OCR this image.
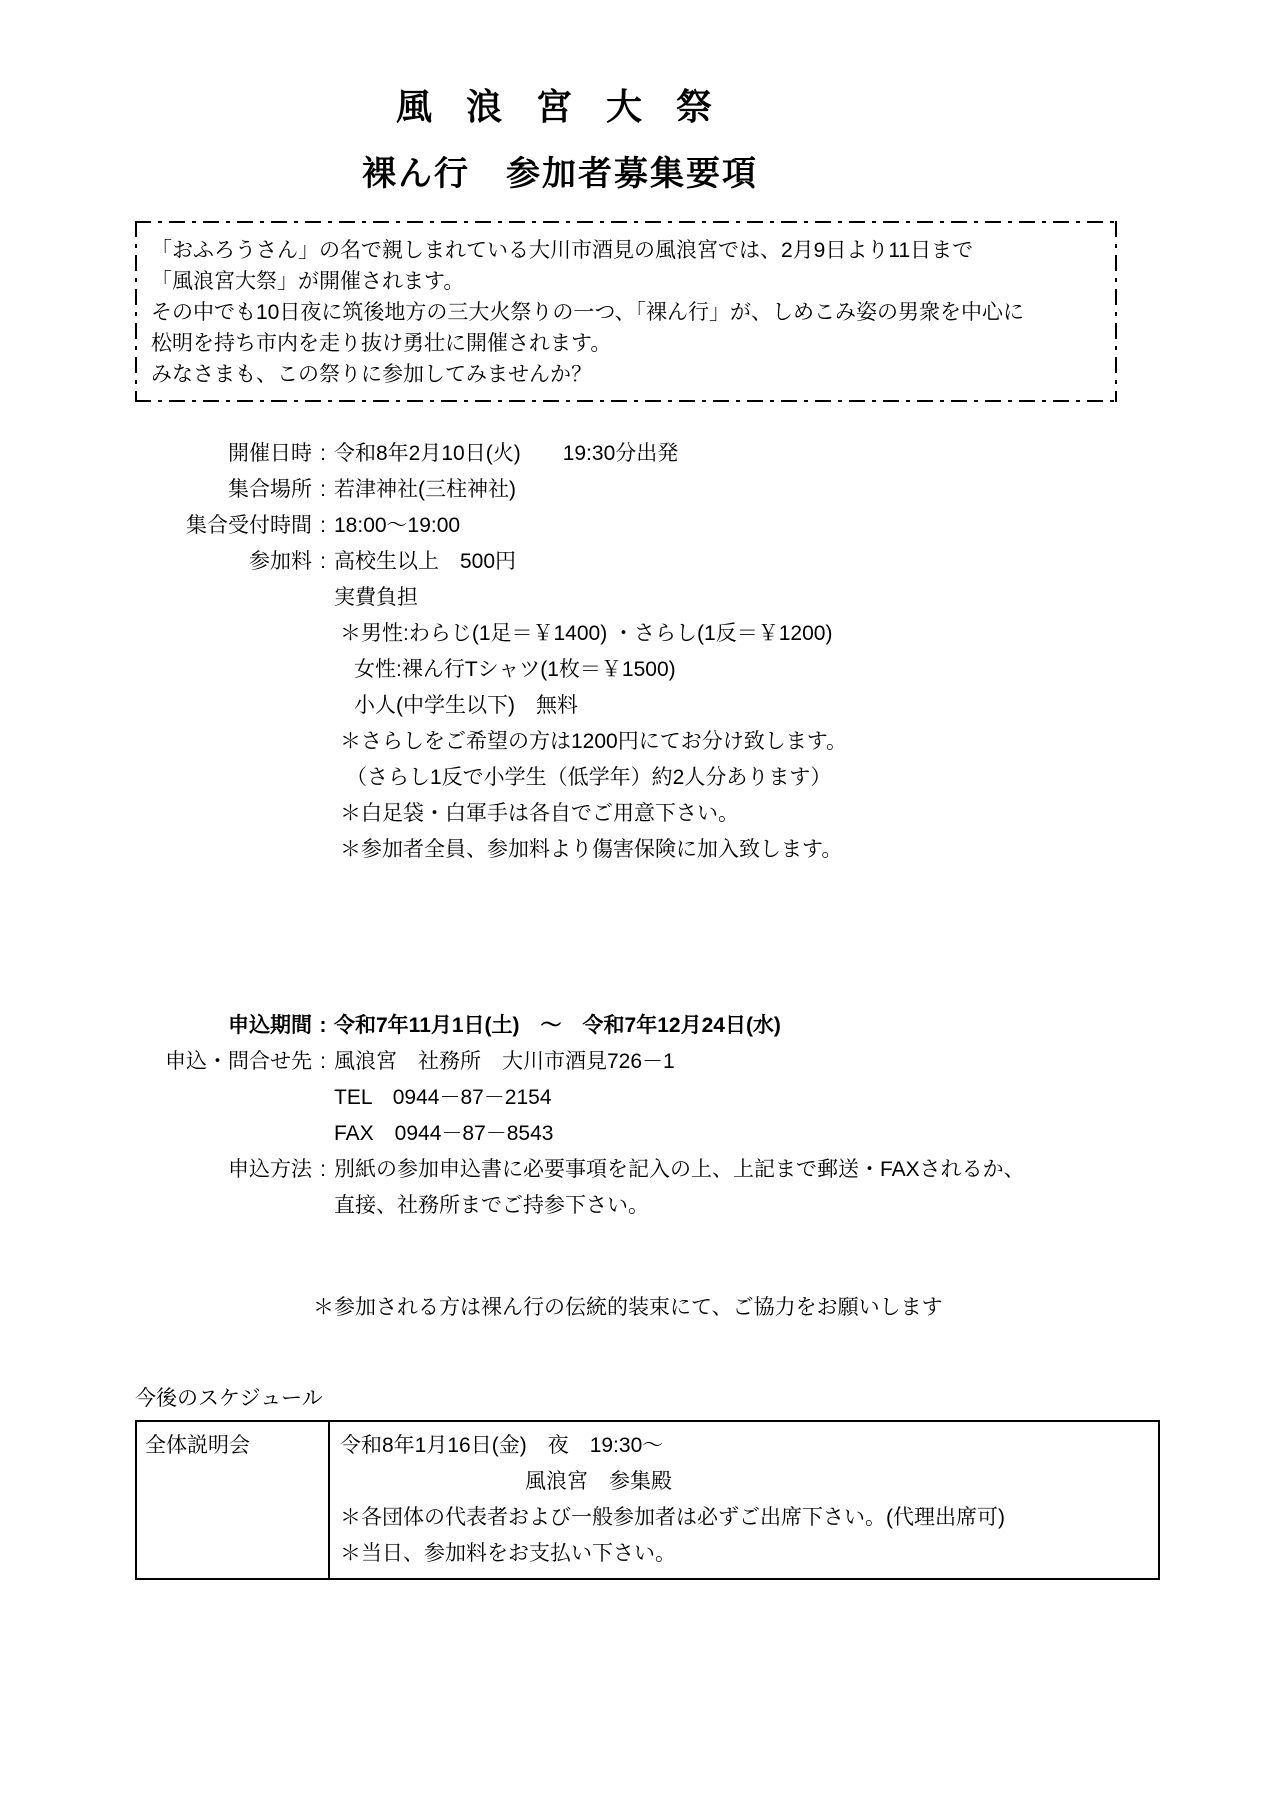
風 浪 宮 大 祭
裸ん行　参加者募集要項
「おふろうさん」の名で親しまれている大川市酒見の風浪宮では、2月9日より11日まで
「風浪宮大祭」が開催されます。
その中でも10日夜に筑後地方の三大火祭りの一つ、「裸ん行」が、しめこみ姿の男衆を中心に
松明を持ち市内を走り抜け勇壮に開催されます。
みなさまも、この祭りに参加してみませんか？
開催日時 : 令和8年2月10日(火)　　19:30分出発
集合場所 : 若津神社(三柱神社)
集合受付時間 : 18:00～19:00
参加料 : 高校生以上　500円
実費負担
＊男性:わらじ(1足＝￥1400) ・さらし(1反＝￥1200)
女性:裸ん行Tシャツ(1枚＝￥1500)
小人(中学生以下)　無料
＊さらしをご希望の方は1200円にてお分け致します。
（さらし1反で小学生（低学年）約2人分あります）
＊白足袋・白軍手は各自でご用意下さい。
＊参加者全員、参加料より傷害保険に加入致します。
申込期間 : 令和7年11月1日(土)　～　令和7年12月24日(水)
申込・問合せ先 : 風浪宮　社務所　大川市酒見726－1
TEL　0944－87－2154
FAX　0944－87－8543
申込方法 : 別紙の参加申込書に必要事項を記入の上、上記まで郵送・FAXされるか、
直接、社務所までご持参下さい。
＊参加される方は裸ん行の伝統的装束にて、ご協力をお願いします
今後のスケジュール
全体説明会	令和8年1月16日(金)　夜　19:30～
風浪宮　参集殿
＊各団体の代表者および一般参加者は必ずご出席下さい。(代理出席可)
＊当日、参加料をお支払い下さい。
